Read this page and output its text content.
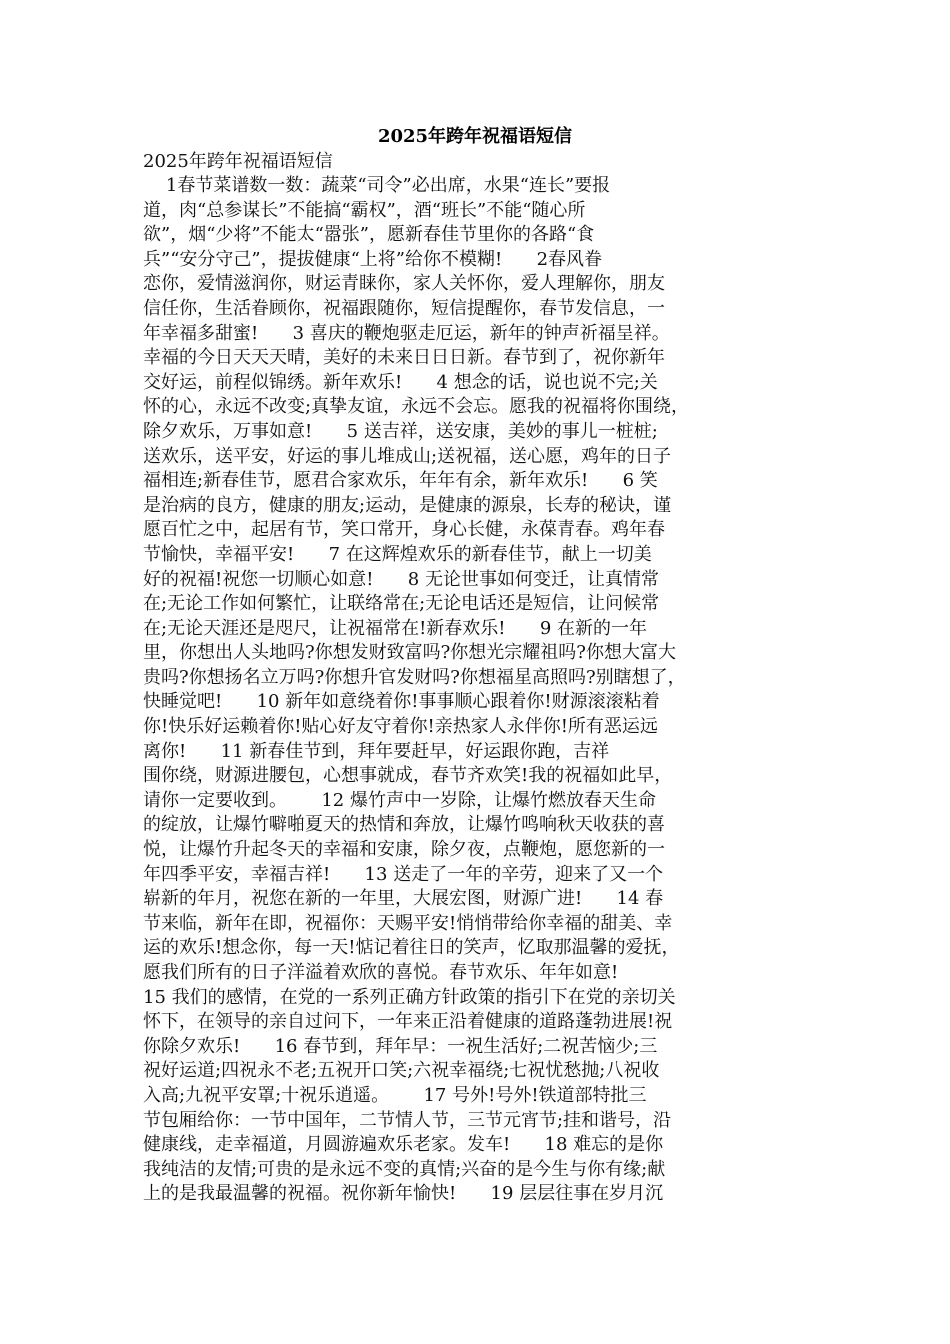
2025年跨年祝福语短信

2025年跨年祝福语短信

1春节菜谱数一数：蔬菜“司令”必出席，水果“连长”要报
道，肉“总参谋长”不能搞“霸权”，酒“班长”不能“随心所
欲”，烟“少将”不能太“嚣张”，愿新春佳节里你的各路“食
兵”“安分守己”，提拔健康“上将”给你不模糊!      2春风眷
恋你，爱情滋润你，财运青睐你，家人关怀你，爱人理解你，朋友
信任你，生活眷顾你，祝福跟随你，短信提醒你，春节发信息，一
年幸福多甜蜜!      3 喜庆的鞭炮驱走厄运，新年的钟声祈福呈祥。
幸福的今日天天天晴，美好的未来日日日新。春节到了，祝你新年
交好运，前程似锦绣。新年欢乐!      4 想念的话，说也说不完;关
怀的心，永远不改变;真挚友谊，永远不会忘。愿我的祝福将你围绕，
除夕欢乐，万事如意!      5 送吉祥，送安康，美妙的事儿一桩桩;
送欢乐，送平安，好运的事儿堆成山;送祝福，送心愿，鸡年的日子
福相连;新春佳节，愿君合家欢乐，年年有余，新年欢乐!      6 笑
是治病的良方，健康的朋友;运动，是健康的源泉，长寿的秘诀，谨
愿百忙之中，起居有节，笑口常开，身心长健，永葆青春。鸡年春
节愉快，幸福平安!      7 在这辉煌欢乐的新春佳节，献上一切美
好的祝福!祝您一切顺心如意!      8 无论世事如何变迁，让真情常
在;无论工作如何繁忙，让联络常在;无论电话还是短信，让问候常
在;无论天涯还是咫尺，让祝福常在!新春欢乐!      9 在新的一年
里，你想出人头地吗?你想发财致富吗?你想光宗耀祖吗?你想大富大
贵吗?你想扬名立万吗?你想升官发财吗?你想福星高照吗?别瞎想了，
快睡觉吧!      10 新年如意绕着你!事事顺心跟着你!财源滚滚粘着
你!快乐好运赖着你!贴心好友守着你!亲热家人永伴你!所有恶运远
离你!      11 新春佳节到，拜年要赶早，好运跟你跑，吉祥
围你绕，财源进腰包，心想事就成，春节齐欢笑!我的祝福如此早，
请你一定要收到。      12 爆竹声中一岁除，让爆竹燃放春天生命
的绽放，让爆竹噼啪夏天的热情和奔放，让爆竹鸣响秋天收获的喜
悦，让爆竹升起冬天的幸福和安康，除夕夜，点鞭炮，愿您新的一
年四季平安，幸福吉祥!      13 送走了一年的辛劳，迎来了又一个
崭新的年月，祝您在新的一年里，大展宏图，财源广进!      14 春
节来临，新年在即，祝福你：天赐平安!悄悄带给你幸福的甜美、幸
运的欢乐!想念你，每一天!惦记着往日的笑声，忆取那温馨的爱抚，
愿我们所有的日子洋溢着欢欣的喜悦。春节欢乐、年年如意!
15 我们的感情，在党的一系列正确方针政策的指引下在党的亲切关
怀下，在领导的亲自过问下，一年来正沿着健康的道路蓬勃进展!祝
你除夕欢乐!      16 春节到，拜年早：一祝生活好;二祝苦恼少;三
祝好运道;四祝永不老;五祝开口笑;六祝幸福绕;七祝忧愁抛;八祝收
入高;九祝平安罩;十祝乐逍遥。      17 号外!号外!铁道部特批三
节包厢给你：一节中国年，二节情人节，三节元宵节;挂和谐号，沿
健康线，走幸福道，月圆游遍欢乐老家。发车!      18 难忘的是你
我纯洁的友情;可贵的是永远不变的真情;兴奋的是今生与你有缘;献
上的是我最温馨的祝福。祝你新年愉快!      19 层层往事在岁月沉
